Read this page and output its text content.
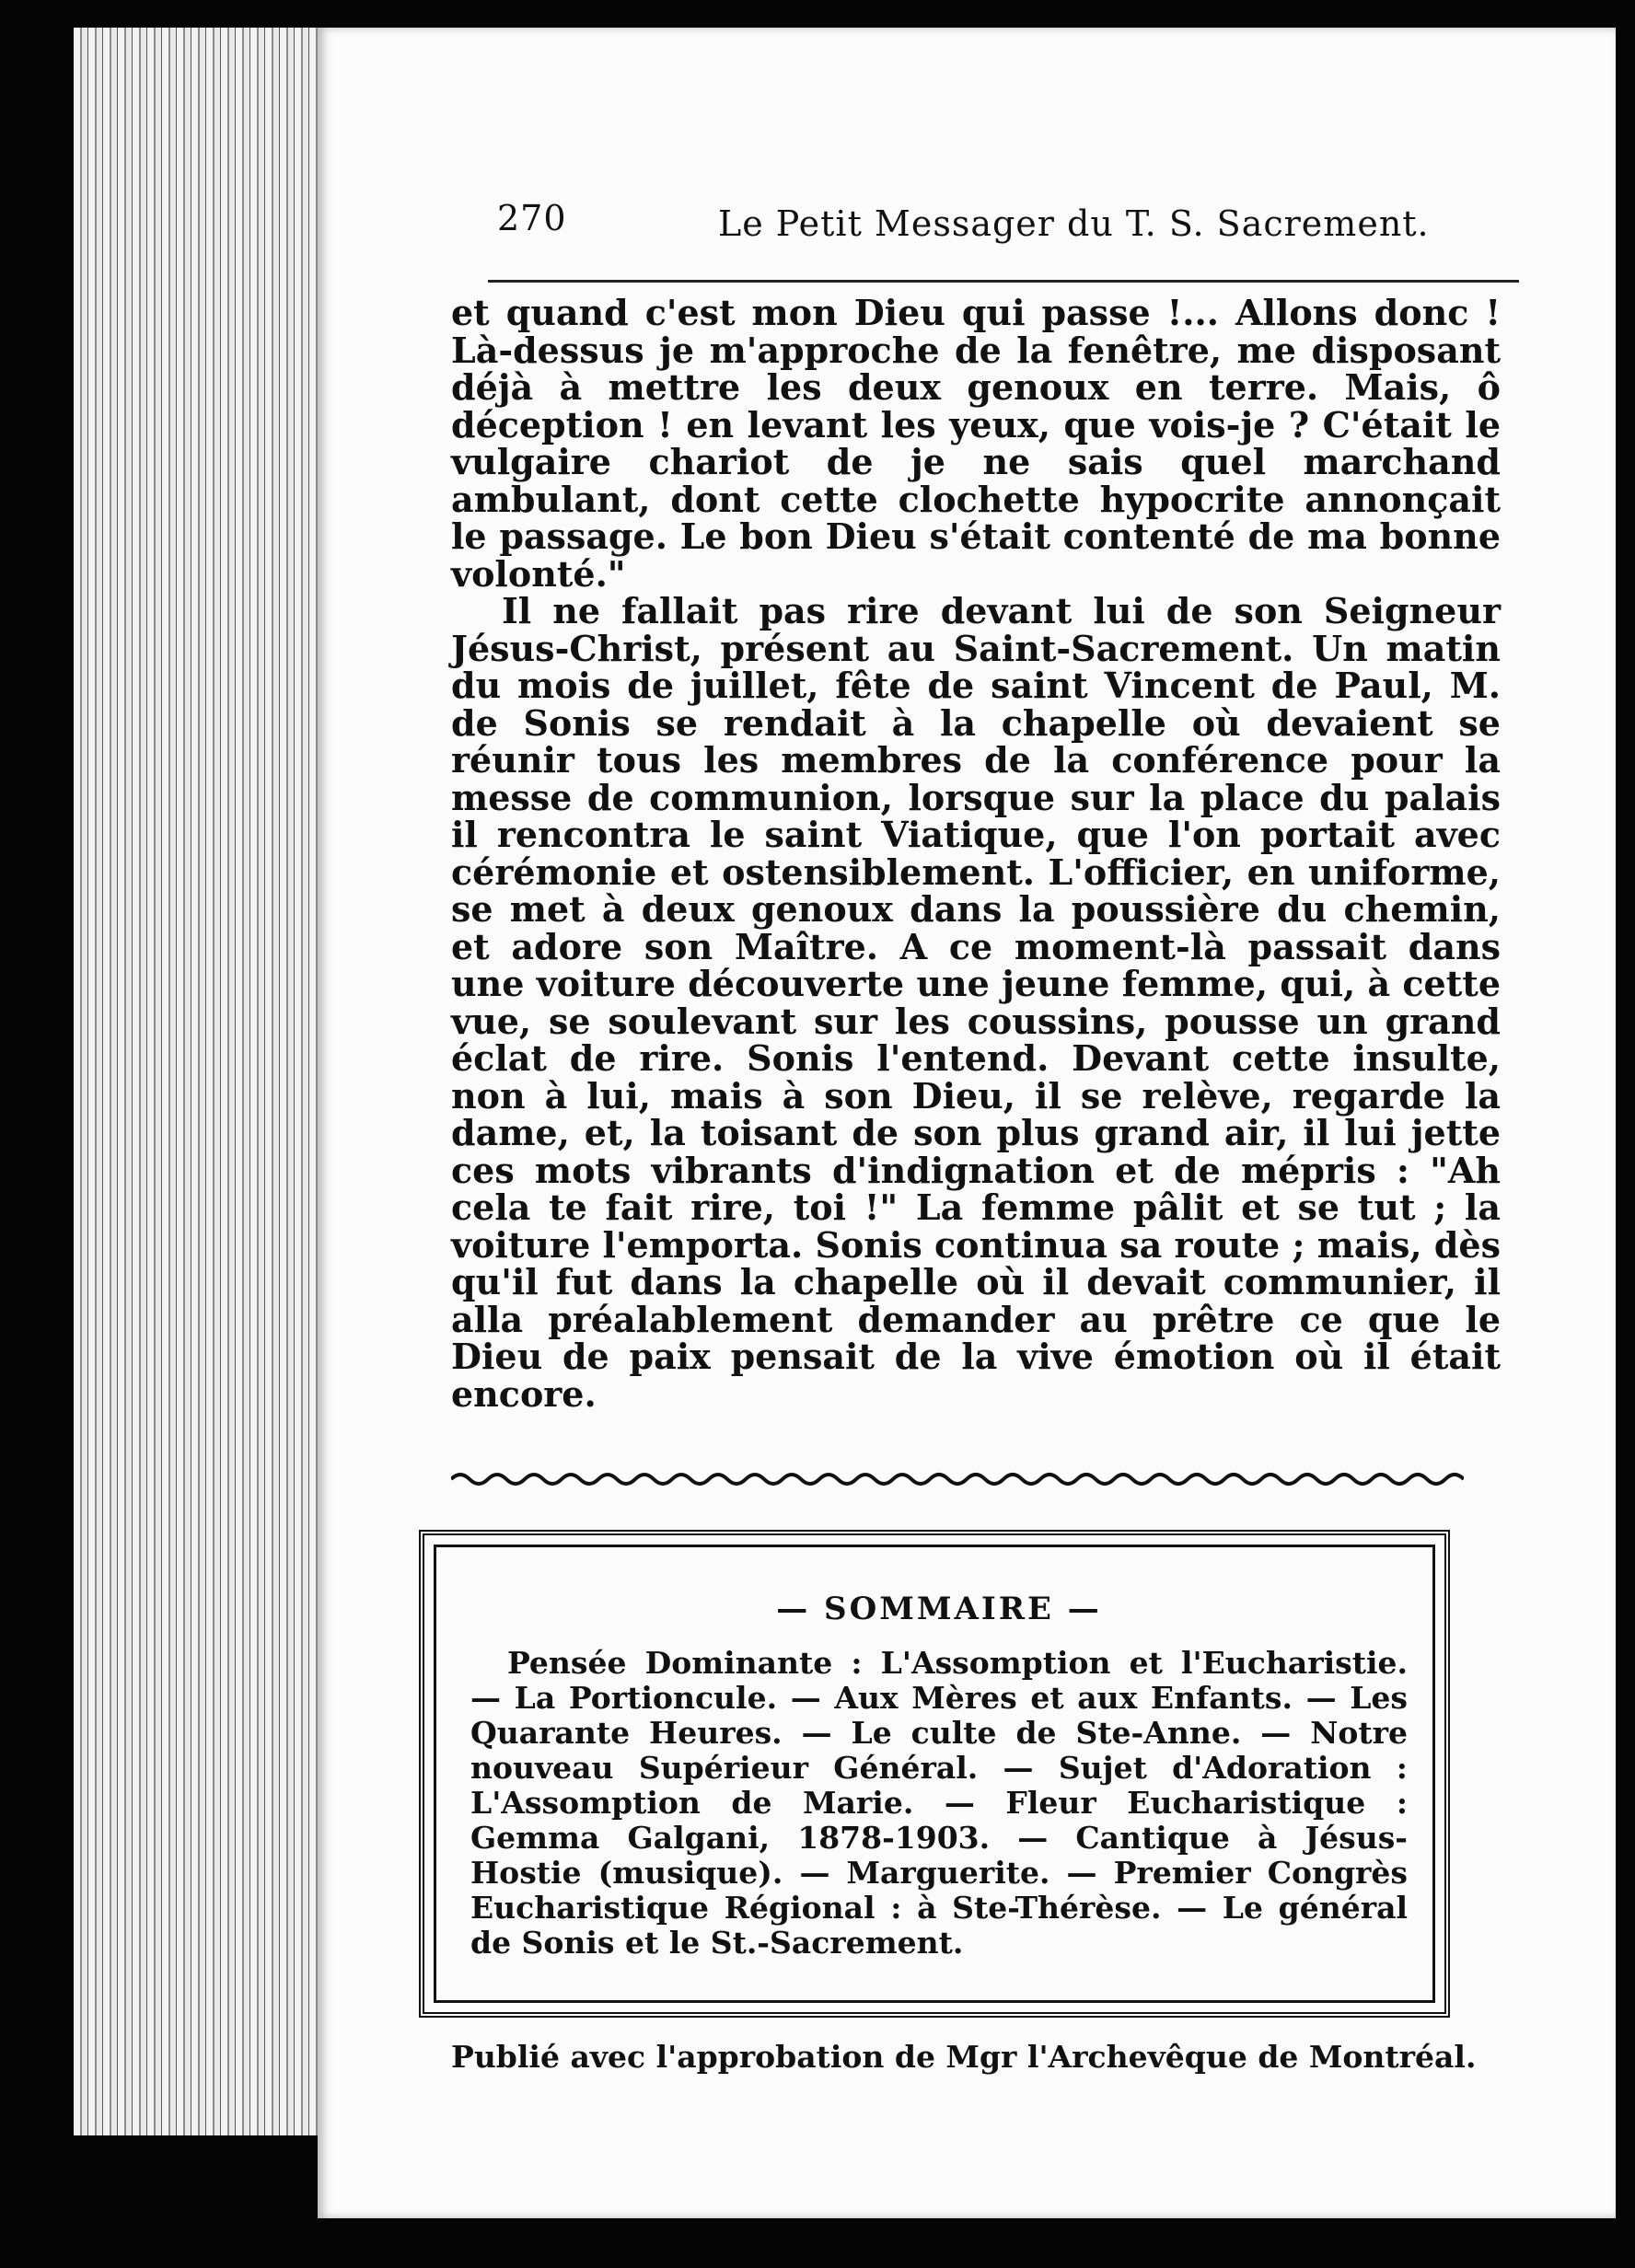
270	Le Petit Messager du T. S. Sacrement.

et quand c'est mon Dieu qui passe !... Allons donc ! Là-dessus je m'approche de la fenêtre, me disposant déjà à mettre les deux genoux en terre. Mais, ô déception ! en levant les yeux, que vois-je ? C'était le vulgaire chariot de je ne sais quel marchand ambulant, dont cette clochette hypocrite annonçait le passage. Le bon Dieu s'était contenté de ma bonne volonté."

Il ne fallait pas rire devant lui de son Seigneur Jésus-Christ, présent au Saint-Sacrement. Un matin du mois de juillet, fête de saint Vincent de Paul, M. de Sonis se rendait à la chapelle où devaient se réunir tous les membres de la conférence pour la messe de communion, lorsque sur la place du palais il rencontra le saint Viatique, que l'on portait avec cérémonie et ostensiblement. L'officier, en uniforme, se met à deux genoux dans la poussière du chemin, et adore son Maître. A ce moment-là passait dans une voiture découverte une jeune femme, qui, à cette vue, se soulevant sur les coussins, pousse un grand éclat de rire. Sonis l'entend. Devant cette insulte, non à lui, mais à son Dieu, il se relève, regarde la dame, et, la toisant de son plus grand air, il lui jette ces mots vibrants d'indignation et de mépris : "Ah cela te fait rire, toi !" La femme pâlit et se tut ; la voiture l'emporta. Sonis continua sa route ; mais, dès qu'il fut dans la chapelle où il devait communier, il alla préalablement demander au prêtre ce que le Dieu de paix pensait de la vive émotion où il était encore.

— SOMMAIRE —

Pensée Dominante : L'Assomption et l'Eucharistie. — La Portioncule. — Aux Mères et aux Enfants. — Les Quarante Heures. — Le culte de Ste-Anne. — Notre nouveau Supérieur Général. — Sujet d'Adoration : L'Assomption de Marie. — Fleur Eucharistique : Gemma Galgani, 1878-1903. — Cantique à Jésus-Hostie (musique). — Marguerite. — Premier Congrès Eucharistique Régional : à Ste-Thérèse. — Le général de Sonis et le St.-Sacrement.

Publié avec l'approbation de Mgr l'Archevêque de Montréal.
